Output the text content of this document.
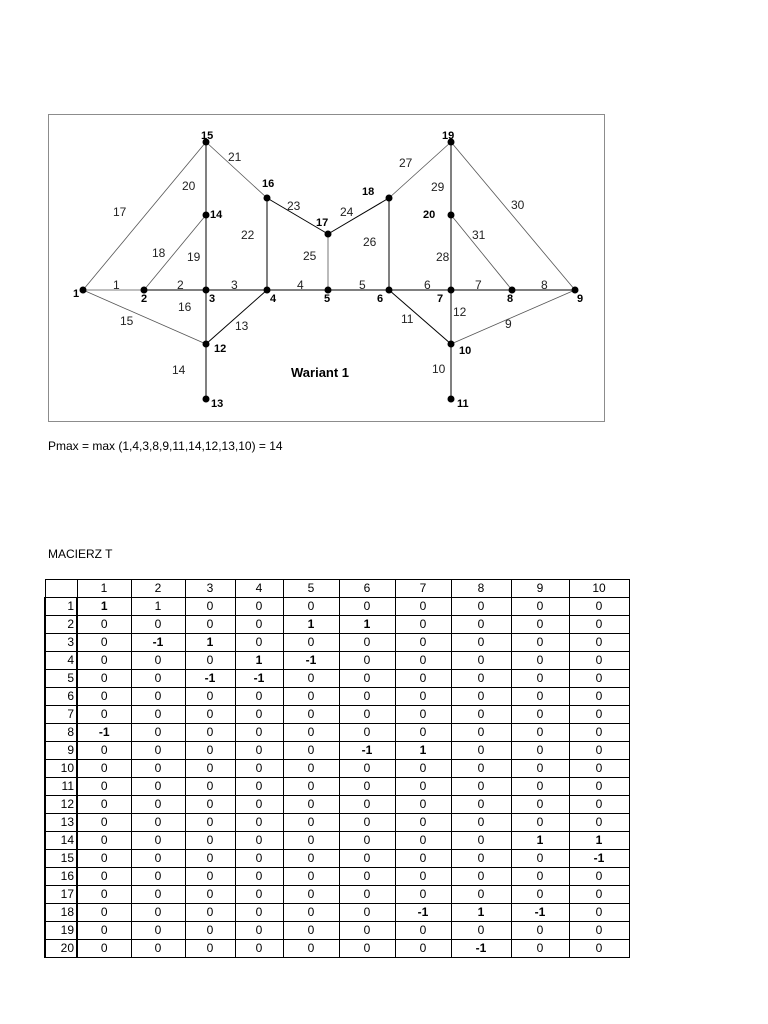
1	2	3	4	5	6	7	8
9
10
11	12
13
14
15
16
17
18 19
20
21
22
23	24
25
26
27
28
29
30
31
1	2	3	4	5	6	7	8	9
10
11
12
13
14
15
16
17
18
19
20
Wariant 1
Pmax = max (1,4,3,8,9,11,14,12,13,10) = 14
MACIERZ T
	1	2	3	4	5	6	7	8	9	10
1	1	1	0	0	0	0	0	0	0	0
2	0	0	0	0	1	1	0	0	0	0
3	0	-1	1	0	0	0	0	0	0	0
4	0	0	0	1	-1	0	0	0	0	0
5	0	0	-1	-1	0	0	0	0	0	0
6	0	0	0	0	0	0	0	0	0	0
7	0	0	0	0	0	0	0	0	0	0
8	-1	0	0	0	0	0	0	0	0	0
9	0	0	0	0	0	-1	1	0	0	0
10	0	0	0	0	0	0	0	0	0	0
11	0	0	0	0	0	0	0	0	0	0
12	0	0	0	0	0	0	0	0	0	0
13	0	0	0	0	0	0	0	0	0	0
14	0	0	0	0	0	0	0	0	1	1
15	0	0	0	0	0	0	0	0	0	-1
16	0	0	0	0	0	0	0	0	0	0
17	0	0	0	0	0	0	0	0	0	0
18	0	0	0	0	0	0	-1	1	-1	0
19	0	0	0	0	0	0	0	0	0	0
20	0	0	0	0	0	0	0	-1	0	0
